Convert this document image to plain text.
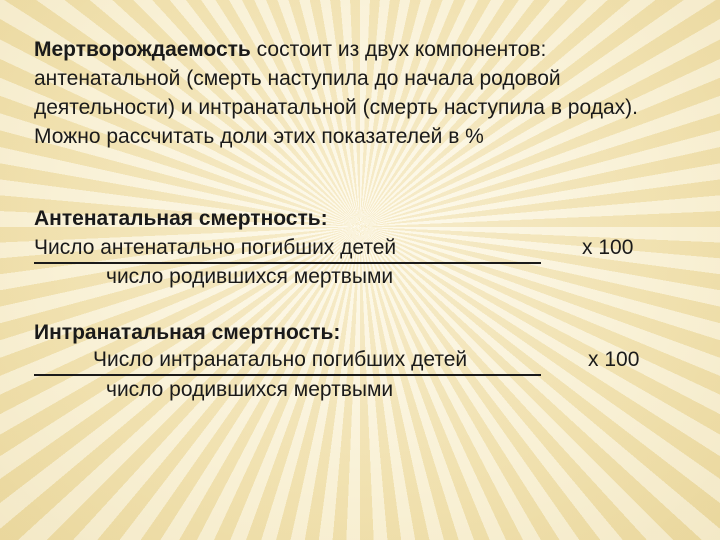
Мертворождаемость состоит из двух компонентов: антенатальной (смерть наступила до начала родовой деятельности) и интранатальной (смерть наступила в родах).

Можно рассчитать доли этих показателей в %

Антенатальная смертность:
Число антенатально погибших детей
число родившихся мертвыми
х 100
Интранатальная смертность:
Число интранатально погибших детей
число родившихся мертвыми
х 100
